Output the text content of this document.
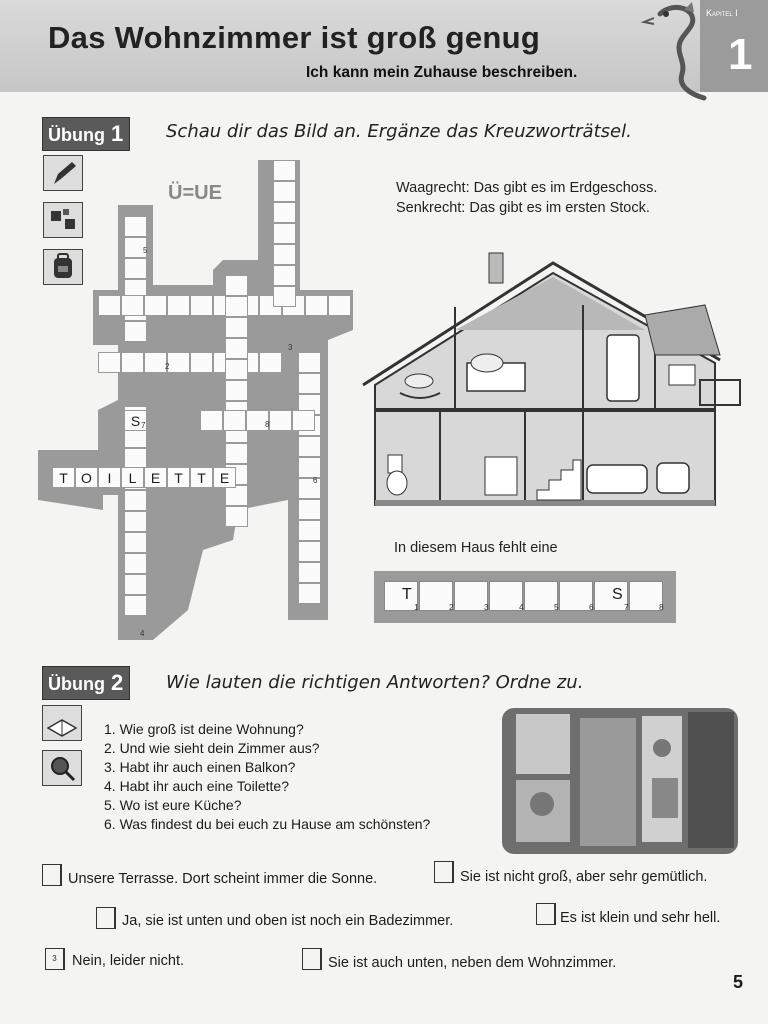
Das Wohnzimmer ist groß genug
Ich kann mein Zuhause beschreiben.
Kapitel I
1
Übung 1	Schau dir das Bild an. Ergänze das Kreuzworträtsel.
Ü=UE
T O	I	L	E	T	T	E
S
5
2
3
8
6
4
7
Waagrecht: Das gibt es im Erdgeschoss.
Senkrecht: Das gibt es im ersten Stock.
In diesem Haus fehlt eine
T
1	2	3	4	5	6
S
7	8
Übung 2	Wie lauten die richtigen Antworten? Ordne zu.
1. Wie groß ist deine Wohnung?
2. Und wie sieht dein Zimmer aus?
3. Habt ihr auch einen Balkon?
4. Habt ihr auch eine Toilette?
5. Wo ist eure Küche?
6. Was findest du bei euch zu Hause am schönsten?
Unsere Terrasse. Dort scheint immer die Sonne.	Sie ist nicht groß, aber sehr gemütlich.
Ja, sie ist unten und oben ist noch ein Badezimmer.	Es ist klein und sehr hell.
3	Nein, leider nicht.	Sie ist auch unten, neben dem Wohnzimmer.
5
